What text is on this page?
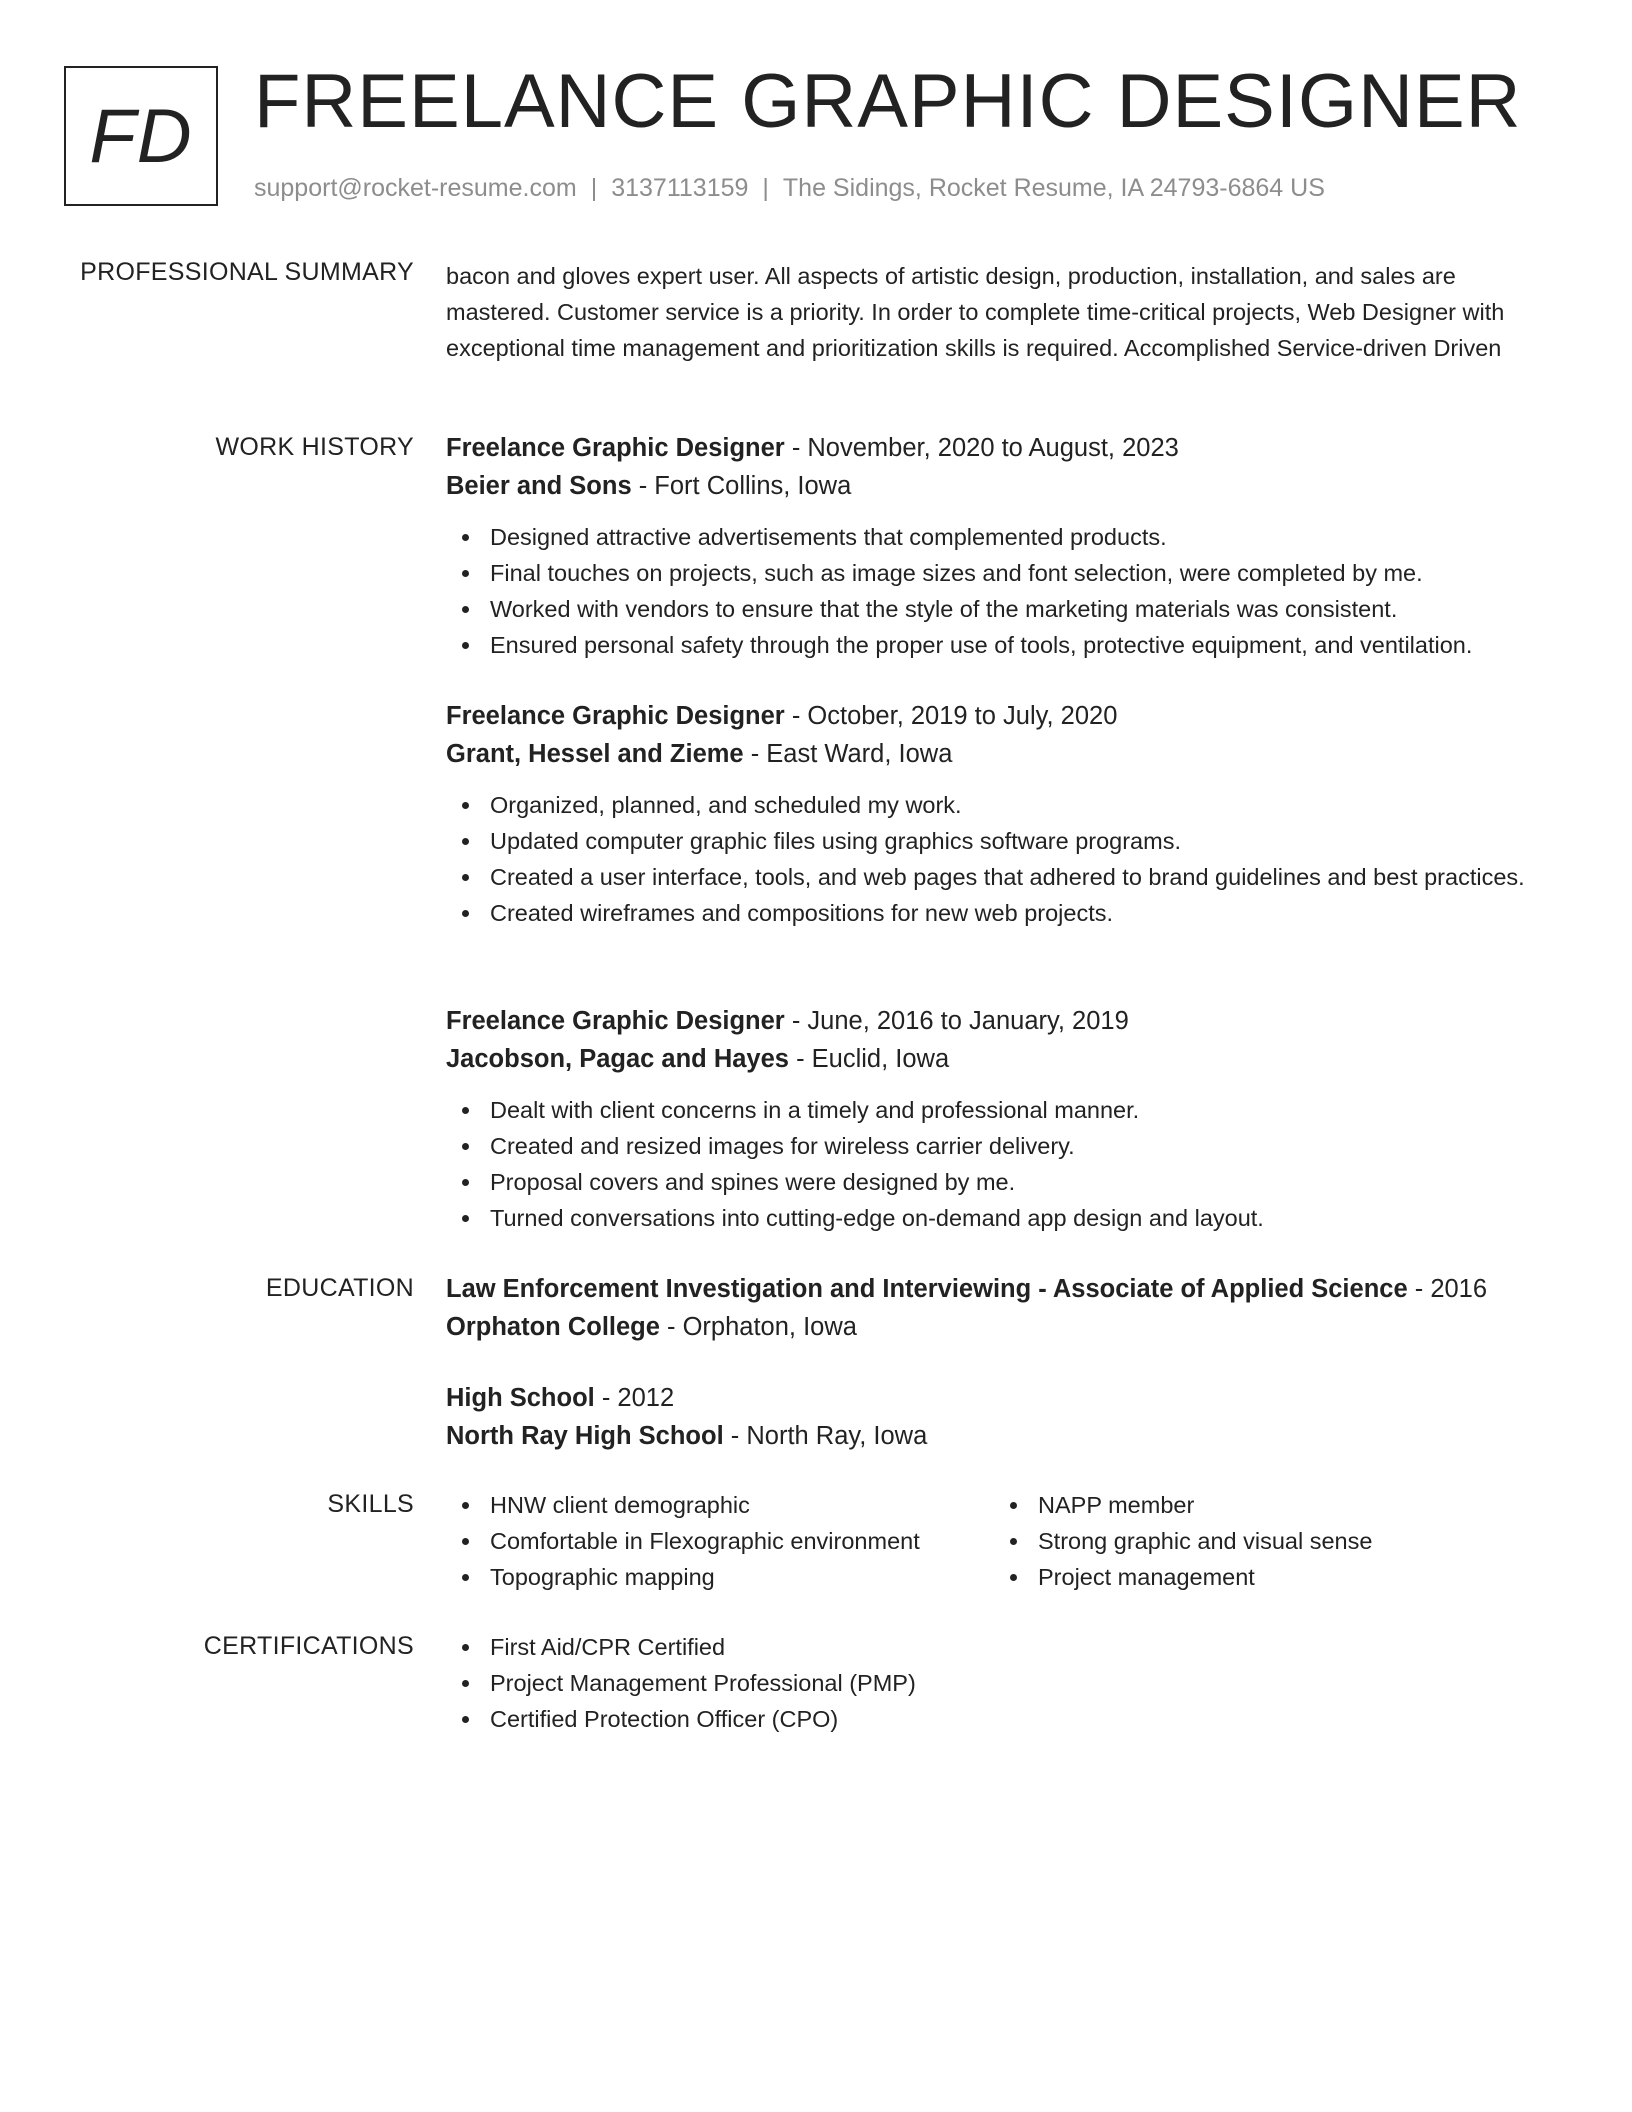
FD FREELANCE GRAPHIC DESIGNER
support@rocket-resume.com | 3137113159 | The Sidings, Rocket Resume, IA 24793-6864 US
PROFESSIONAL SUMMARY bacon and gloves expert user. All aspects of artistic design, production, installation, and sales are mastered. Customer service is a priority. In order to complete time-critical projects, Web Designer with exceptional time management and prioritization skills is required. Accomplished Service-driven Driven
WORK HISTORY Freelance Graphic Designer - November, 2020 to August, 2023
Beier and Sons - Fort Collins, Iowa
Designed attractive advertisements that complemented products.
Final touches on projects, such as image sizes and font selection, were completed by me.
Worked with vendors to ensure that the style of the marketing materials was consistent.
Ensured personal safety through the proper use of tools, protective equipment, and ventilation.
Freelance Graphic Designer - October, 2019 to July, 2020
Grant, Hessel and Zieme - East Ward, Iowa
Organized, planned, and scheduled my work.
Updated computer graphic files using graphics software programs.
Created a user interface, tools, and web pages that adhered to brand guidelines and best practices.
Created wireframes and compositions for new web projects.
Freelance Graphic Designer - June, 2016 to January, 2019
Jacobson, Pagac and Hayes - Euclid, Iowa
Dealt with client concerns in a timely and professional manner.
Created and resized images for wireless carrier delivery.
Proposal covers and spines were designed by me.
Turned conversations into cutting-edge on-demand app design and layout.
EDUCATION Law Enforcement Investigation and Interviewing - Associate of Applied Science - 2016
Orphaton College - Orphaton, Iowa
High School - 2012
North Ray High School - North Ray, Iowa
SKILLS	HNW client demographic
Comfortable in Flexographic environment
Topographic mapping
NAPP member
Strong graphic and visual sense
Project management
CERTIFICATIONS	First Aid/CPR Certified
Project Management Professional (PMP)
Certified Protection Officer (CPO)
